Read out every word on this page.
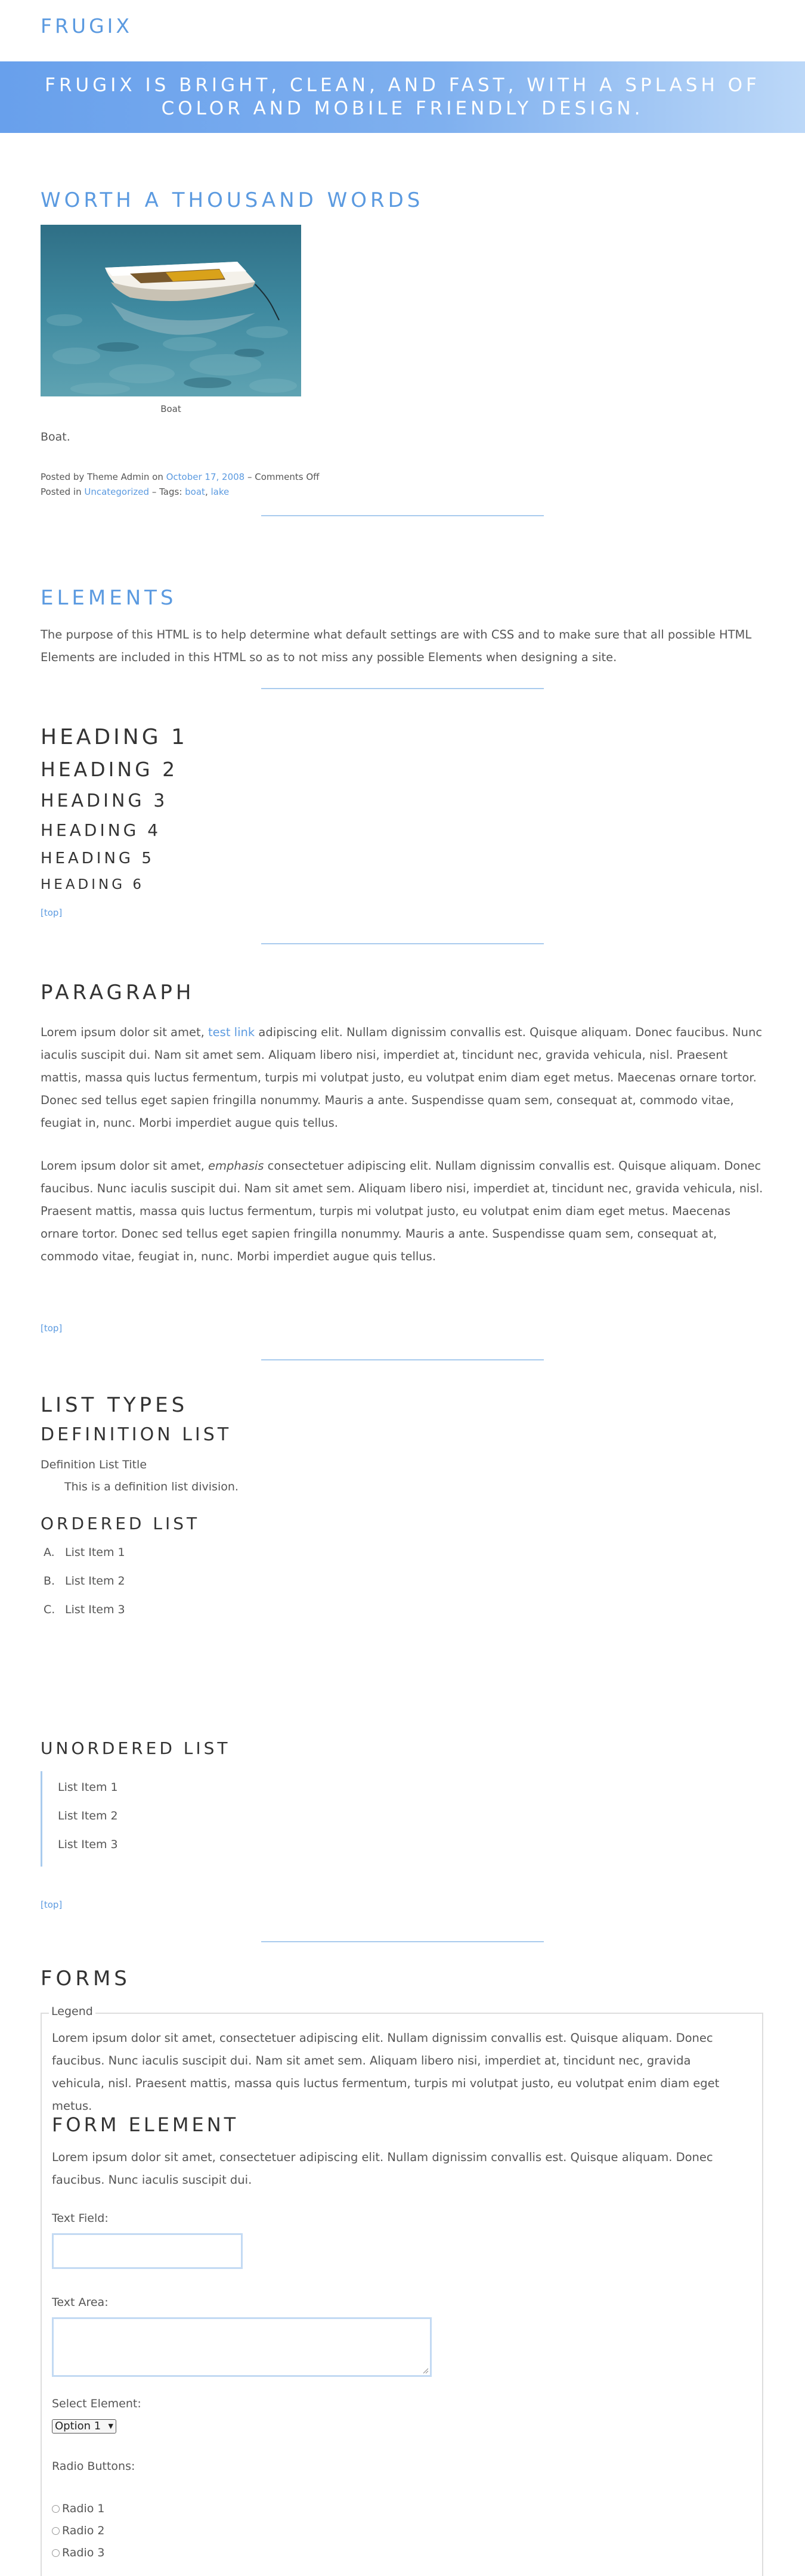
FRUGIX
FRUGIX IS BRIGHT, CLEAN, AND FAST, WITH A SPLASH OF COLOR AND MOBILE FRIENDLY DESIGN.
WORTH A THOUSAND WORDS
Boat

Boat.

Posted by Theme Admin on October 17, 2008 – Comments Off
Posted in Uncategorized – Tags: boat, lake
ELEMENTS

The purpose of this HTML is to help determine what default settings are with CSS and to make sure that all possible HTML Elements are included in this HTML so as to not miss any possible Elements when designing a site.

HEADING 1
HEADING 2
HEADING 3
HEADING 4
HEADING 5
HEADING 6
[top]
PARAGRAPH

Lorem ipsum dolor sit amet, test link adipiscing elit. Nullam dignissim convallis est. Quisque aliquam. Donec faucibus. Nunc iaculis suscipit dui. Nam sit amet sem. Aliquam libero nisi, imperdiet at, tincidunt nec, gravida vehicula, nisl. Praesent mattis, massa quis luctus fermentum, turpis mi volutpat justo, eu volutpat enim diam eget metus. Maecenas ornare tortor. Donec sed tellus eget sapien fringilla nonummy. Mauris a ante. Suspendisse quam sem, consequat at, commodo vitae, feugiat in, nunc. Morbi imperdiet augue quis tellus.

Lorem ipsum dolor sit amet, emphasis consectetuer adipiscing elit. Nullam dignissim convallis est. Quisque aliquam. Donec faucibus. Nunc iaculis suscipit dui. Nam sit amet sem. Aliquam libero nisi, imperdiet at, tincidunt nec, gravida vehicula, nisl. Praesent mattis, massa quis luctus fermentum, turpis mi volutpat justo, eu volutpat enim diam eget metus. Maecenas ornare tortor. Donec sed tellus eget sapien fringilla nonummy. Mauris a ante. Suspendisse quam sem, consequat at, commodo vitae, feugiat in, nunc. Morbi imperdiet augue quis tellus.

[top]
LIST TYPES
DEFINITION LIST
Definition List Title
This is a definition list division.
ORDERED LIST
A. List Item 1
B. List Item 2
C. List Item 3
UNORDERED LIST
List Item 1
List Item 2
List Item 3
[top]
FORMS
Legend

Lorem ipsum dolor sit amet, consectetuer adipiscing elit. Nullam dignissim convallis est. Quisque aliquam. Donec faucibus. Nunc iaculis suscipit dui. Nam sit amet sem. Aliquam libero nisi, imperdiet at, tincidunt nec, gravida vehicula, nisl. Praesent mattis, massa quis luctus fermentum, turpis mi volutpat justo, eu volutpat enim diam eget metus.

FORM ELEMENT

Lorem ipsum dolor sit amet, consectetuer adipiscing elit. Nullam dignissim convallis est. Quisque aliquam. Donec faucibus. Nunc iaculis suscipit dui.

Text Field:
Text Area:
Select Element:
Option 1 ▼
Radio Buttons:
Radio 1
Radio 2
Radio 3
